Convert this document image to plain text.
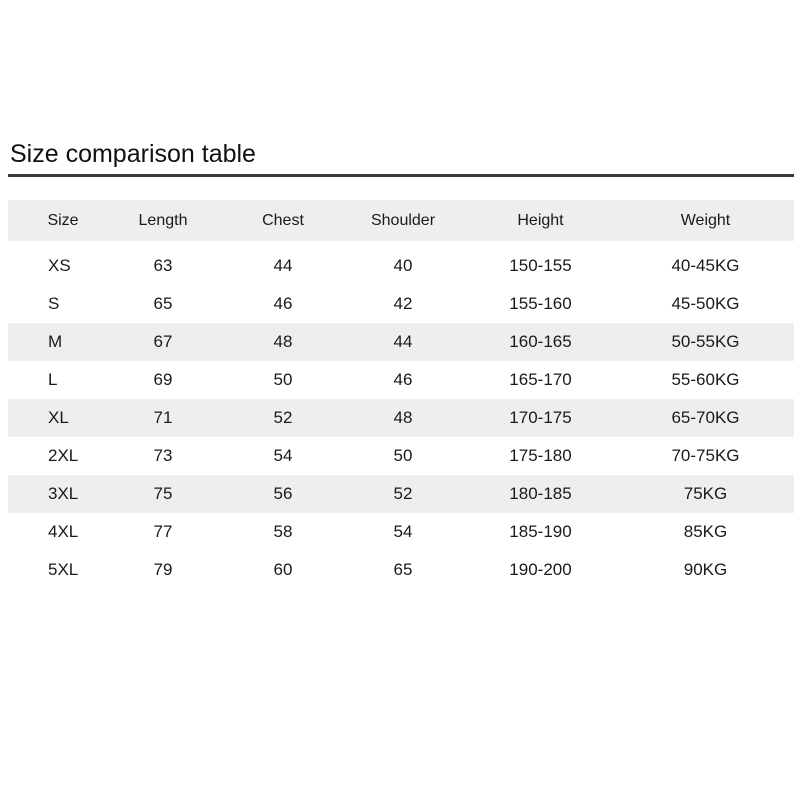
Size comparison table
Size	Length	Chest	Shoulder	Height	Weight
XS	63	44	40	150-155	40-45KG
S	65	46	42	155-160	45-50KG
M	67	48	44	160-165	50-55KG
L	69	50	46	165-170	55-60KG
XL	71	52	48	170-175	65-70KG
2XL	73	54	50	175-180	70-75KG
3XL	75	56	52	180-185	75KG
4XL	77	58	54	185-190	85KG
5XL	79	60	65	190-200	90KG
